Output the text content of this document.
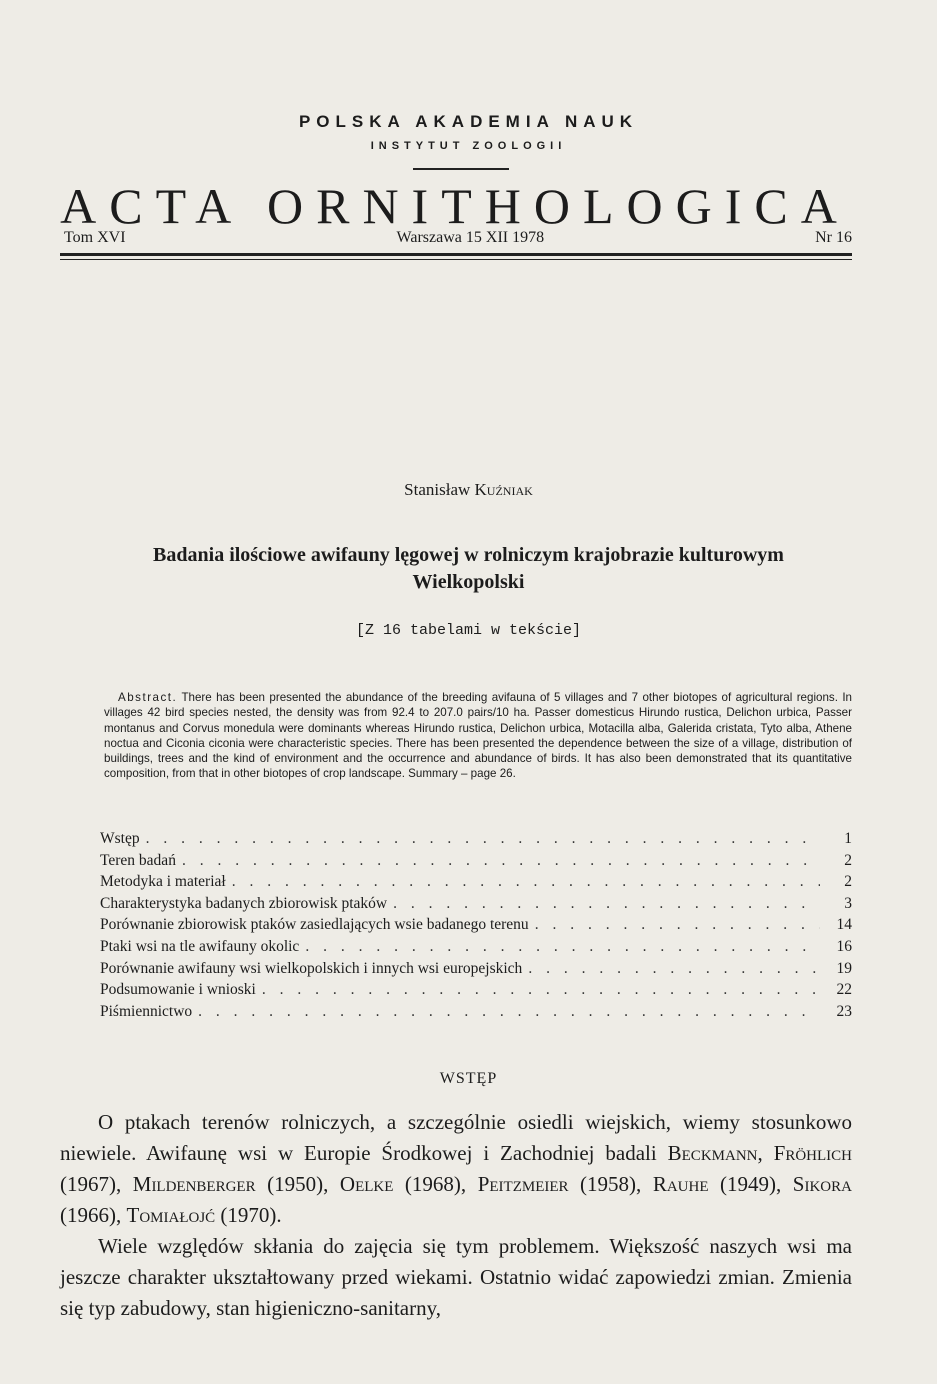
POLSKA AKADEMIA NAUK
INSTYTUT ZOOLOGII
ACTA ORNITHOLOGICA
Tom XVI	Warszawa 15 XII 1978	Nr 16
Stanisław Kuźniak
Badania ilościowe awifauny lęgowej w rolniczym krajobrazie kulturowym Wielkopolski
[Z 16 tabelami w tekście]
Abstract. There has been presented the abundance of the breeding avifauna of 5 villages and 7 other biotopes of agricultural regions. In villages 42 bird species nested, the density was from 92.4 to 207.0 pairs/10 ha. Passer domesticus Hirundo rustica, Delichon urbica, Passer montanus and Corvus monedula were dominants whereas Hirundo rustica, Delichon urbica, Motacilla alba, Galerida cristata, Tyto alba, Athene noctua and Ciconia ciconia were characteristic species. There has been presented the dependence between the size of a village, distribution of buildings, trees and the kind of environment and the occurrence and abundance of birds. It has also been demonstrated that its quantitative composition, from that in other biotopes of crop landscape. Summary – page 26.
Wstęp . . .	1
Teren badań . . .	2
Metodyka i materiał . . .	2
Charakterystyka badanych zbiorowisk ptaków . . .	3
Porównanie zbiorowisk ptaków zasiedlających wsie badanego terenu . . .	14
Ptaki wsi na tle awifauny okolic . . .	16
Porównanie awifauny wsi wielkopolskich i innych wsi europejskich . . .	19
Podsumowanie i wnioski . . .	22
Piśmiennictwo . . .	23
WSTĘP

O ptakach terenów rolniczych, a szczególnie osiedli wiejskich, wiemy stosunkowo niewiele. Awifaunę wsi w Europie Środkowej i Zachodniej badali Beckmann, Fröhlich (1967), Mildenberger (1950), Oelke (1968), Peitzmeier (1958), Rauhe (1949), Sikora (1966), Tomiałojć (1970).

Wiele względów skłania do zajęcia się tym problemem. Większość naszych wsi ma jeszcze charakter ukształtowany przed wiekami. Ostatnio widać zapowiedzi zmian. Zmienia się typ zabudowy, stan higieniczno-sanitarny,
